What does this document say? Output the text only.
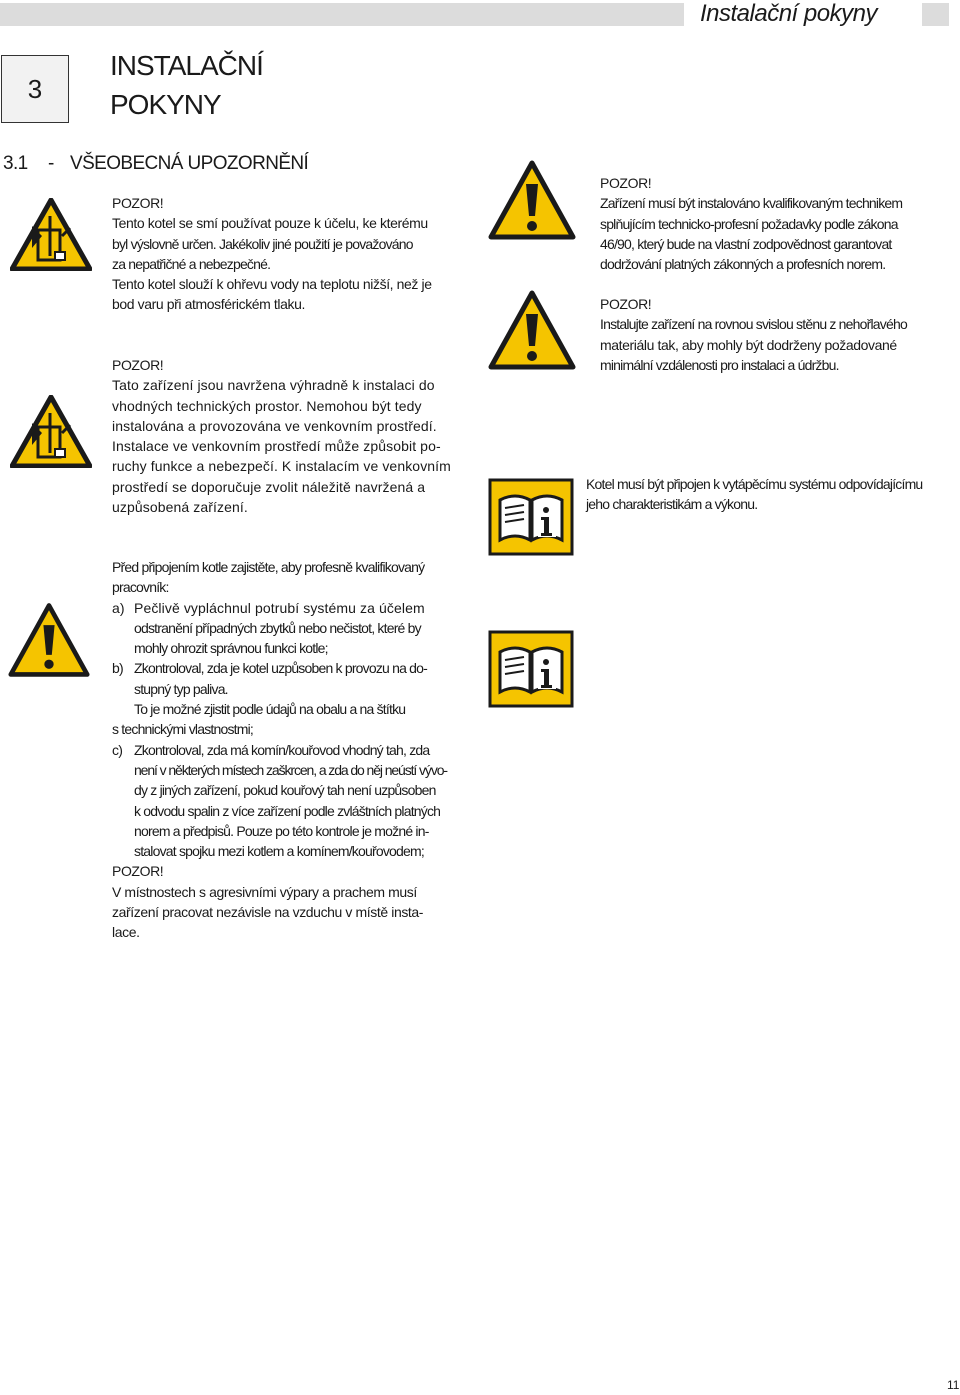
Instalační pokyny
3
INSTALAČNÍ
POKYNY
3.1 - VŠEOBECNÁ UPOZORNĚNÍ

POZOR!

Tento kotel se smí používat pouze k účelu, ke kterému

byl výslovně určen. Jakékoliv jiné použití je považováno

za nepatřičné a nebezpečné.

Tento kotel slouží k ohřevu vody na teplotu nižší, než je

bod varu při atmosférickém tlaku.

POZOR!

Tato zařízení jsou navržena výhradně k instalaci do

vhodných technických prostor. Nemohou být tedy

instalována a provozována ve venkovním prostředí.

Instalace ve venkovním prostředí může způsobit po-

ruchy funkce a nebezpečí. K instalacím ve venkovním

prostředí se doporučuje zvolit náležitě navržená a

uzpůsobená zařízení.

POZOR!

Zařízení musí být instalováno kvalifikovaným technikem

splňujícím technicko-profesní požadavky podle zákona

46/90, který bude na vlastní zodpovědnost garantovat

dodržování platných zákonných a profesních norem.

POZOR!

Instalujte zařízení na rovnou svislou stěnu z nehořlavého

materiálu tak, aby mohly být dodrženy požadované

minimální vzdálenosti pro instalaci a údržbu.

Kotel musí být připojen k vytápěcímu systému odpovídajícímu

jeho charakteristikám a výkonu.

Před připojením kotle zajistěte, aby profesně kvalifikovaný

pracovník:

a) Pečlivě vypláchnul potrubí systému za účelem

odstranění případných zbytků nebo nečistot, které by

mohly ohrozit správnou funkci kotle;

b) Zkontroloval, zda je kotel uzpůsoben k provozu na do-

stupný typ paliva.

To je možné zjistit podle údajů na obalu a na štítku

s technickými vlastnostmi;

c) Zkontroloval, zda má komín/kouřovod vhodný tah, zda

není v některých místech zaškrcen, a zda do něj neústí vývo-

dy z jiných zařízení, pokud kouřový tah není uzpůsoben

k odvodu spalin z více zařízení podle zvláštních platných

norem a předpisů. Pouze po této kontrole je možné in-

stalovat spojku mezi kotlem a komínem/kouřovodem;

POZOR!

V místnostech s agresivními výpary a prachem musí

zařízení pracovat nezávisle na vzduchu v místě insta-

lace.

11
